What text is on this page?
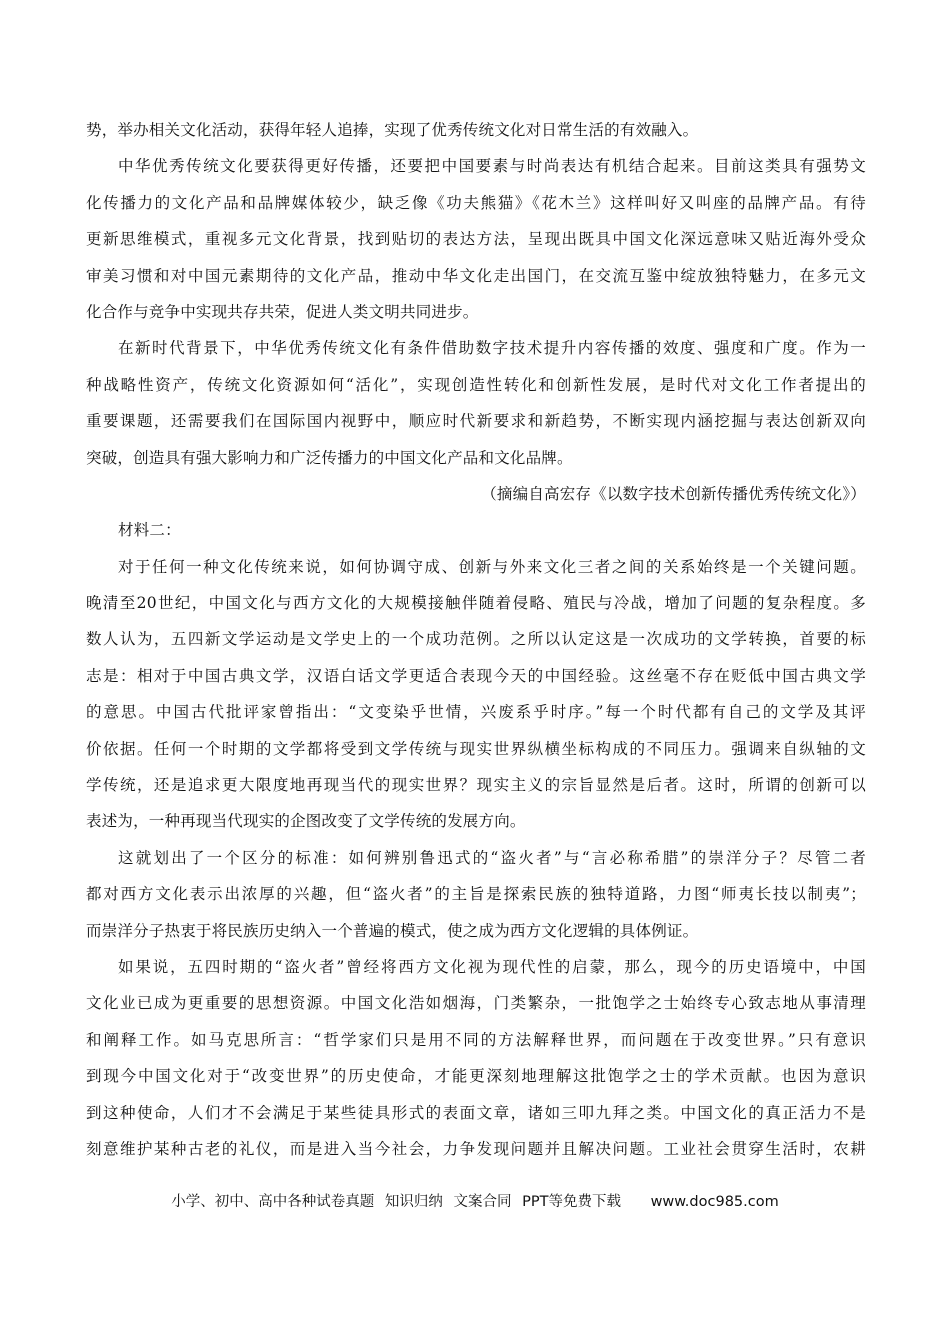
势，举办相关文化活动，获得年轻人追捧，实现了优秀传统文化对日常生活的有效融入。
中华优秀传统文化要获得更好传播，还要把中国要素与时尚表达有机结合起来。目前这类具有强势文
化传播力的文化产品和品牌媒体较少，缺乏像《功夫熊猫》《花木兰》这样叫好又叫座的品牌产品。有待
更新思维模式，重视多元文化背景，找到贴切的表达方法，呈现出既具中国文化深远意味又贴近海外受众
审美习惯和对中国元素期待的文化产品，推动中华文化走出国门，在交流互鉴中绽放独特魅力，在多元文
化合作与竞争中实现共存共荣，促进人类文明共同进步。
在新时代背景下，中华优秀传统文化有条件借助数字技术提升内容传播的效度、强度和广度。作为一
种战略性资产，传统文化资源如何“活化”，实现创造性转化和创新性发展，是时代对文化工作者提出的
重要课题，还需要我们在国际国内视野中，顺应时代新要求和新趋势，不断实现内涵挖掘与表达创新双向
突破，创造具有强大影响力和广泛传播力的中国文化产品和文化品牌。
（摘编自高宏存《以数字技术创新传播优秀传统文化》）
材料二：
对于任何一种文化传统来说，如何协调守成、创新与外来文化三者之间的关系始终是一个关键问题。
晚清至20世纪，中国文化与西方文化的大规模接触伴随着侵略、殖民与冷战，增加了问题的复杂程度。多
数人认为，五四新文学运动是文学史上的一个成功范例。之所以认定这是一次成功的文学转换，首要的标
志是：相对于中国古典文学，汉语白话文学更适合表现今天的中国经验。这丝毫不存在贬低中国古典文学
的意思。中国古代批评家曾指出：“文变染乎世情，兴废系乎时序。”每一个时代都有自己的文学及其评
价依据。任何一个时期的文学都将受到文学传统与现实世界纵横坐标构成的不同压力。强调来自纵轴的文
学传统，还是追求更大限度地再现当代的现实世界？现实主义的宗旨显然是后者。这时，所谓的创新可以
表述为，一种再现当代现实的企图改变了文学传统的发展方向。
这就划出了一个区分的标准：如何辨别鲁迅式的“盗火者”与“言必称希腊”的崇洋分子？尽管二者
都对西方文化表示出浓厚的兴趣，但“盗火者”的主旨是探索民族的独特道路，力图“师夷长技以制夷”；
而崇洋分子热衷于将民族历史纳入一个普遍的模式，使之成为西方文化逻辑的具体例证。
如果说，五四时期的“盗火者”曾经将西方文化视为现代性的启蒙，那么，现今的历史语境中，中国
文化业已成为更重要的思想资源。中国文化浩如烟海，门类繁杂，一批饱学之士始终专心致志地从事清理
和阐释工作。如马克思所言：“哲学家们只是用不同的方法解释世界，而问题在于改变世界。”只有意识
到现今中国文化对于“改变世界”的历史使命，才能更深刻地理解这批饱学之士的学术贡献。也因为意识
到这种使命，人们才不会满足于某些徒具形式的表面文章，诸如三叩九拜之类。中国文化的真正活力不是
刻意维护某种古老的礼仪，而是进入当今社会，力争发现问题并且解决问题。工业社会贯穿生活时，农耕
小学、初中、高中各种试卷真题 知识归纳 文案合同 PPT等免费下载 www.doc985.com
